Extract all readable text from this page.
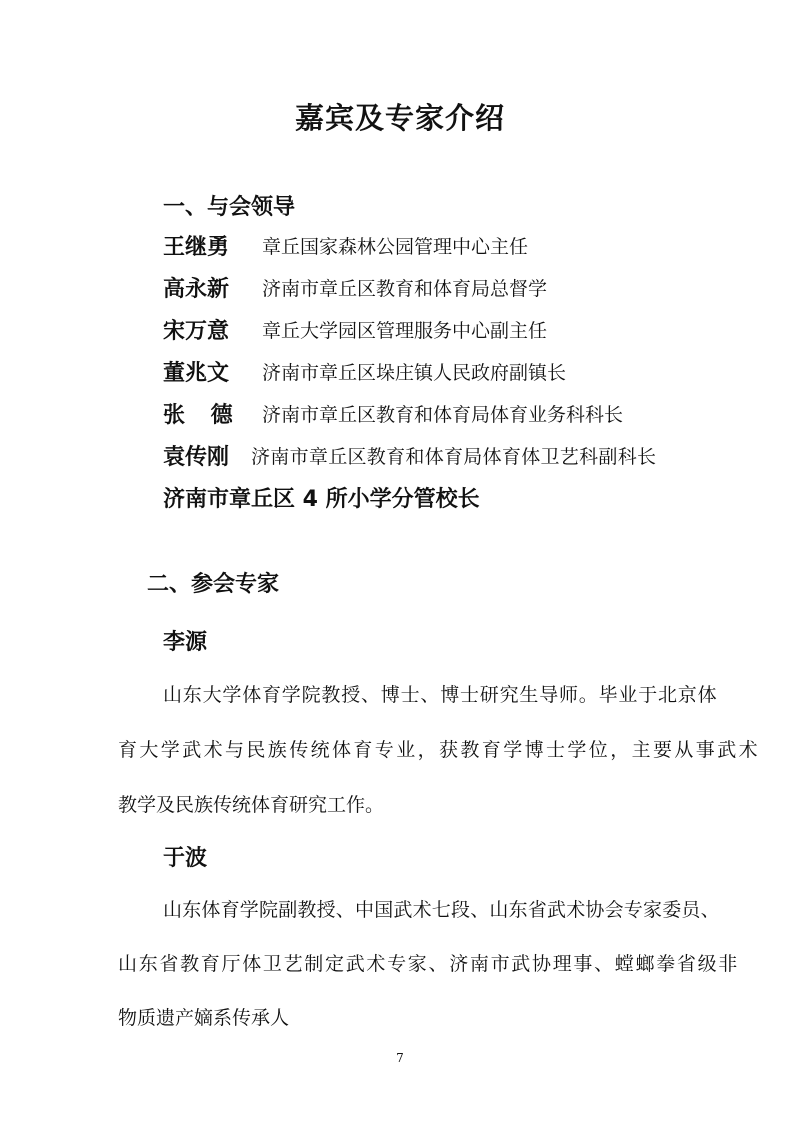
嘉宾及专家介绍
一、与会领导
王继勇 章丘国家森林公园管理中心主任
高永新 济南市章丘区教育和体育局总督学
宋万意 章丘大学园区管理服务中心副主任
董兆文 济南市章丘区垛庄镇人民政府副镇长
张 德 济南市章丘区教育和体育局体育业务科科长
袁传刚 济南市章丘区教育和体育局体育体卫艺科副科长
济南市章丘区 4 所小学分管校长
二、参会专家
李源
山东大学体育学院教授、博士、博士研究生导师。毕业于北京体
育大学武术与民族传统体育专业，获教育学博士学位，主要从事武术
教学及民族传统体育研究工作。
于波
山东体育学院副教授、中国武术七段、山东省武术协会专家委员、
山东省教育厅体卫艺制定武术专家、济南市武协理事、螳螂拳省级非
物质遗产嫡系传承人
7
